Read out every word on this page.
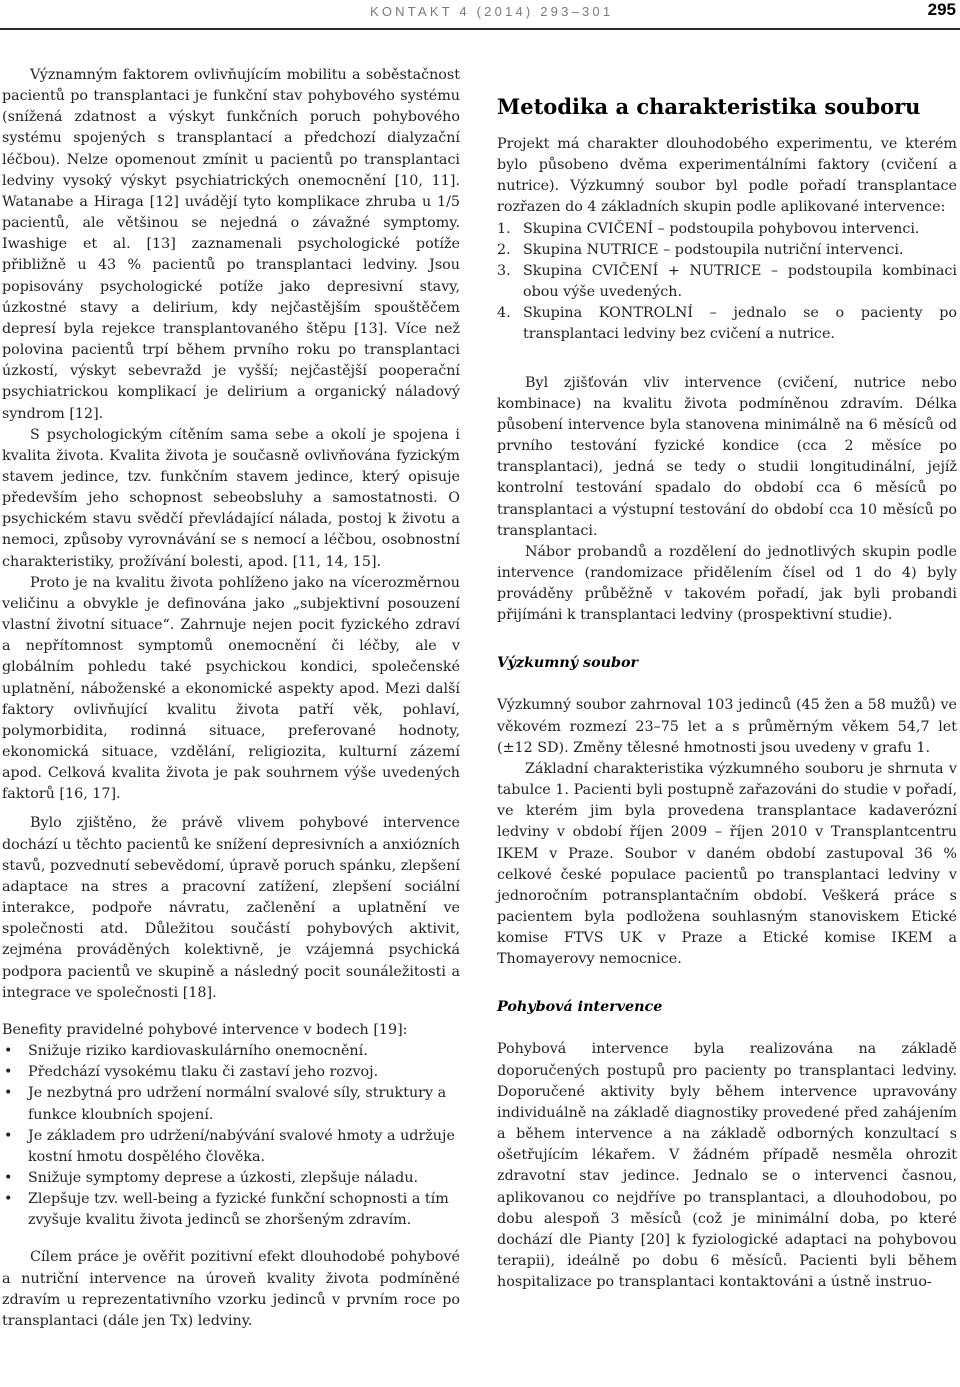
KONTAKT 4 (2014) 293–301	295

Významným faktorem ovlivňujícím mobilitu a soběstačnost pacientů po transplantaci je funkční stav pohybového systému (snížená zdatnost a výskyt funkčních poruch pohybového systému spojených s transplantací a předchozí dialyzační léčbou). Nelze opomenout zmínit u pacientů po transplantaci ledviny vysoký výskyt psychiatrických onemocnění [10, 11]. Watanabe a Hiraga [12] uvádějí tyto komplikace zhruba u 1/5 pacientů, ale většinou se nejedná o závažné symptomy. Iwashige et al. [13] zaznamenali psychologické potíže přibližně u 43 % pacientů po transplantaci ledviny. Jsou popisovány psychologické potíže jako depresivní stavy, úzkostné stavy a delirium, kdy nejčastějším spouštěčem depresí byla rejekce transplantovaného štěpu [13]. Více než polovina pacientů trpí během prvního roku po transplantaci úzkostí, výskyt sebevražd je vyšší; nejčastější pooperační psychiatrickou komplikací je delirium a organický náladový syndrom [12].

S psychologickým cítěním sama sebe a okolí je spojena i kvalita života. Kvalita života je současně ovlivňována fyzickým stavem jedince, tzv. funkčním stavem jedince, který opisuje především jeho schopnost sebeobsluhy a samostatnosti. O psychickém stavu svědčí převládající nálada, postoj k životu a nemoci, způsoby vyrovnávání se s nemocí a léčbou, osobnostní charakteristiky, prožívání bolesti, apod. [11, 14, 15].

Proto je na kvalitu života pohlíženo jako na vícerozměrnou veličinu a obvykle je definována jako „subjektivní posouzení vlastní životní situace“. Zahrnuje nejen pocit fyzického zdraví a nepřítomnost symptomů onemocnění či léčby, ale v globálním pohledu také psychickou kondici, společenské uplatnění, náboženské a ekonomické aspekty apod. Mezi další faktory ovlivňující kvalitu života patří věk, pohlaví, polymorbidita, rodinná situace, preferované hodnoty, ekonomická situace, vzdělání, religiozita, kulturní zázemí apod. Celková kvalita života je pak souhrnem výše uvedených faktorů [16, 17].

Bylo zjištěno, že právě vlivem pohybové intervence dochází u těchto pacientů ke snížení depresivních a anxiózních stavů, pozvednutí sebevědomí, úpravě poruch spánku, zlepšení adaptace na stres a pracovní zatížení, zlepšení sociální interakce, podpoře návratu, začlenění a uplatnění ve společnosti atd. Důležitou součástí pohybových aktivit, zejména prováděných kolektivně, je vzájemná psychická podpora pacientů ve skupině a následný pocit sounáležitosti a integrace ve společnosti [18].

Benefity pravidelné pohybové intervence v bodech [19]:

• Snižuje riziko kardiovaskulárního onemocnění.
• Předchází vysokému tlaku či zastaví jeho rozvoj.
• Je nezbytná pro udržení normální svalové síly, struktury a funkce kloubních spojení.
• Je základem pro udržení/nabývání svalové hmoty a udržuje kostní hmotu dospělého člověka.
• Snižuje symptomy deprese a úzkosti, zlepšuje náladu.
• Zlepšuje tzv. well-being a fyzické funkční schopnosti a tím zvyšuje kvalitu života jedinců se zhoršeným zdravím.

Cílem práce je ověřit pozitivní efekt dlouhodobé pohybové a nutriční intervence na úroveň kvality života podmíněné zdravím u reprezentativního vzorku jedinců v prvním roce po transplantaci (dále jen Tx) ledviny.

Metodika a charakteristika souboru

Projekt má charakter dlouhodobého experimentu, ve kterém bylo působeno dvěma experimentálními faktory (cvičení a nutrice). Výzkumný soubor byl podle pořadí transplantace rozřazen do 4 základních skupin podle aplikované intervence:

1. Skupina CVIČENÍ – podstoupila pohybovou intervenci.
2. Skupina NUTRICE – podstoupila nutriční intervenci.
3. Skupina CVIČENÍ + NUTRICE – podstoupila kombinaci obou výše uvedených.
4. Skupina KONTROLNÍ – jednalo se o pacienty po transplantaci ledviny bez cvičení a nutrice.

Byl zjišťován vliv intervence (cvičení, nutrice nebo kombinace) na kvalitu života podmíněnou zdravím. Délka působení intervence byla stanovena minimálně na 6 měsíců od prvního testování fyzické kondice (cca 2 měsíce po transplantaci), jedná se tedy o studii longitudinální, jejíž kontrolní testování spadalo do období cca 6 měsíců po transplantaci a výstupní testování do období cca 10 měsíců po transplantaci.

Nábor probandů a rozdělení do jednotlivých skupin podle intervence (randomizace přidělením čísel od 1 do 4) byly prováděny průběžně v takovém pořadí, jak byli probandi přijímáni k transplantaci ledviny (prospektivní studie).

Výzkumný soubor

Výzkumný soubor zahrnoval 103 jedinců (45 žen a 58 mužů) ve věkovém rozmezí 23–75 let a s průměrným věkem 54,7 let (±12 SD). Změny tělesné hmotnosti jsou uvedeny v grafu 1.

Základní charakteristika výzkumného souboru je shrnuta v tabulce 1. Pacienti byli postupně zařazováni do studie v pořadí, ve kterém jim byla provedena transplantace kadaverózní ledviny v období říjen 2009 – říjen 2010 v Transplantcentru IKEM v Praze. Soubor v daném období zastupoval 36 % celkové české populace pacientů po transplantaci ledviny v jednoročním potransplantačním období. Veškerá práce s pacientem byla podložena souhlasným stanoviskem Etické komise FTVS UK v Praze a Etické komise IKEM a Thomayerovy nemocnice.

Pohybová intervence

Pohybová intervence byla realizována na základě doporučených postupů pro pacienty po transplantaci ledviny. Doporučené aktivity byly během intervence upravovány individuálně na základě diagnostiky provedené před zahájením a během intervence a na základě odborných konzultací s ošetřujícím lékařem. V žádném případě nesměla ohrozit zdravotní stav jedince. Jednalo se o intervenci časnou, aplikovanou co nejdříve po transplantaci, a dlouhodobou, po dobu alespoň 3 měsíců (což je minimální doba, po které dochází dle Pianty [20] k fyziologické adaptaci na pohybovou terapii), ideálně po dobu 6 měsíců. Pacienti byli během hospitalizace po transplantaci kontaktováni a ústně instruo-
